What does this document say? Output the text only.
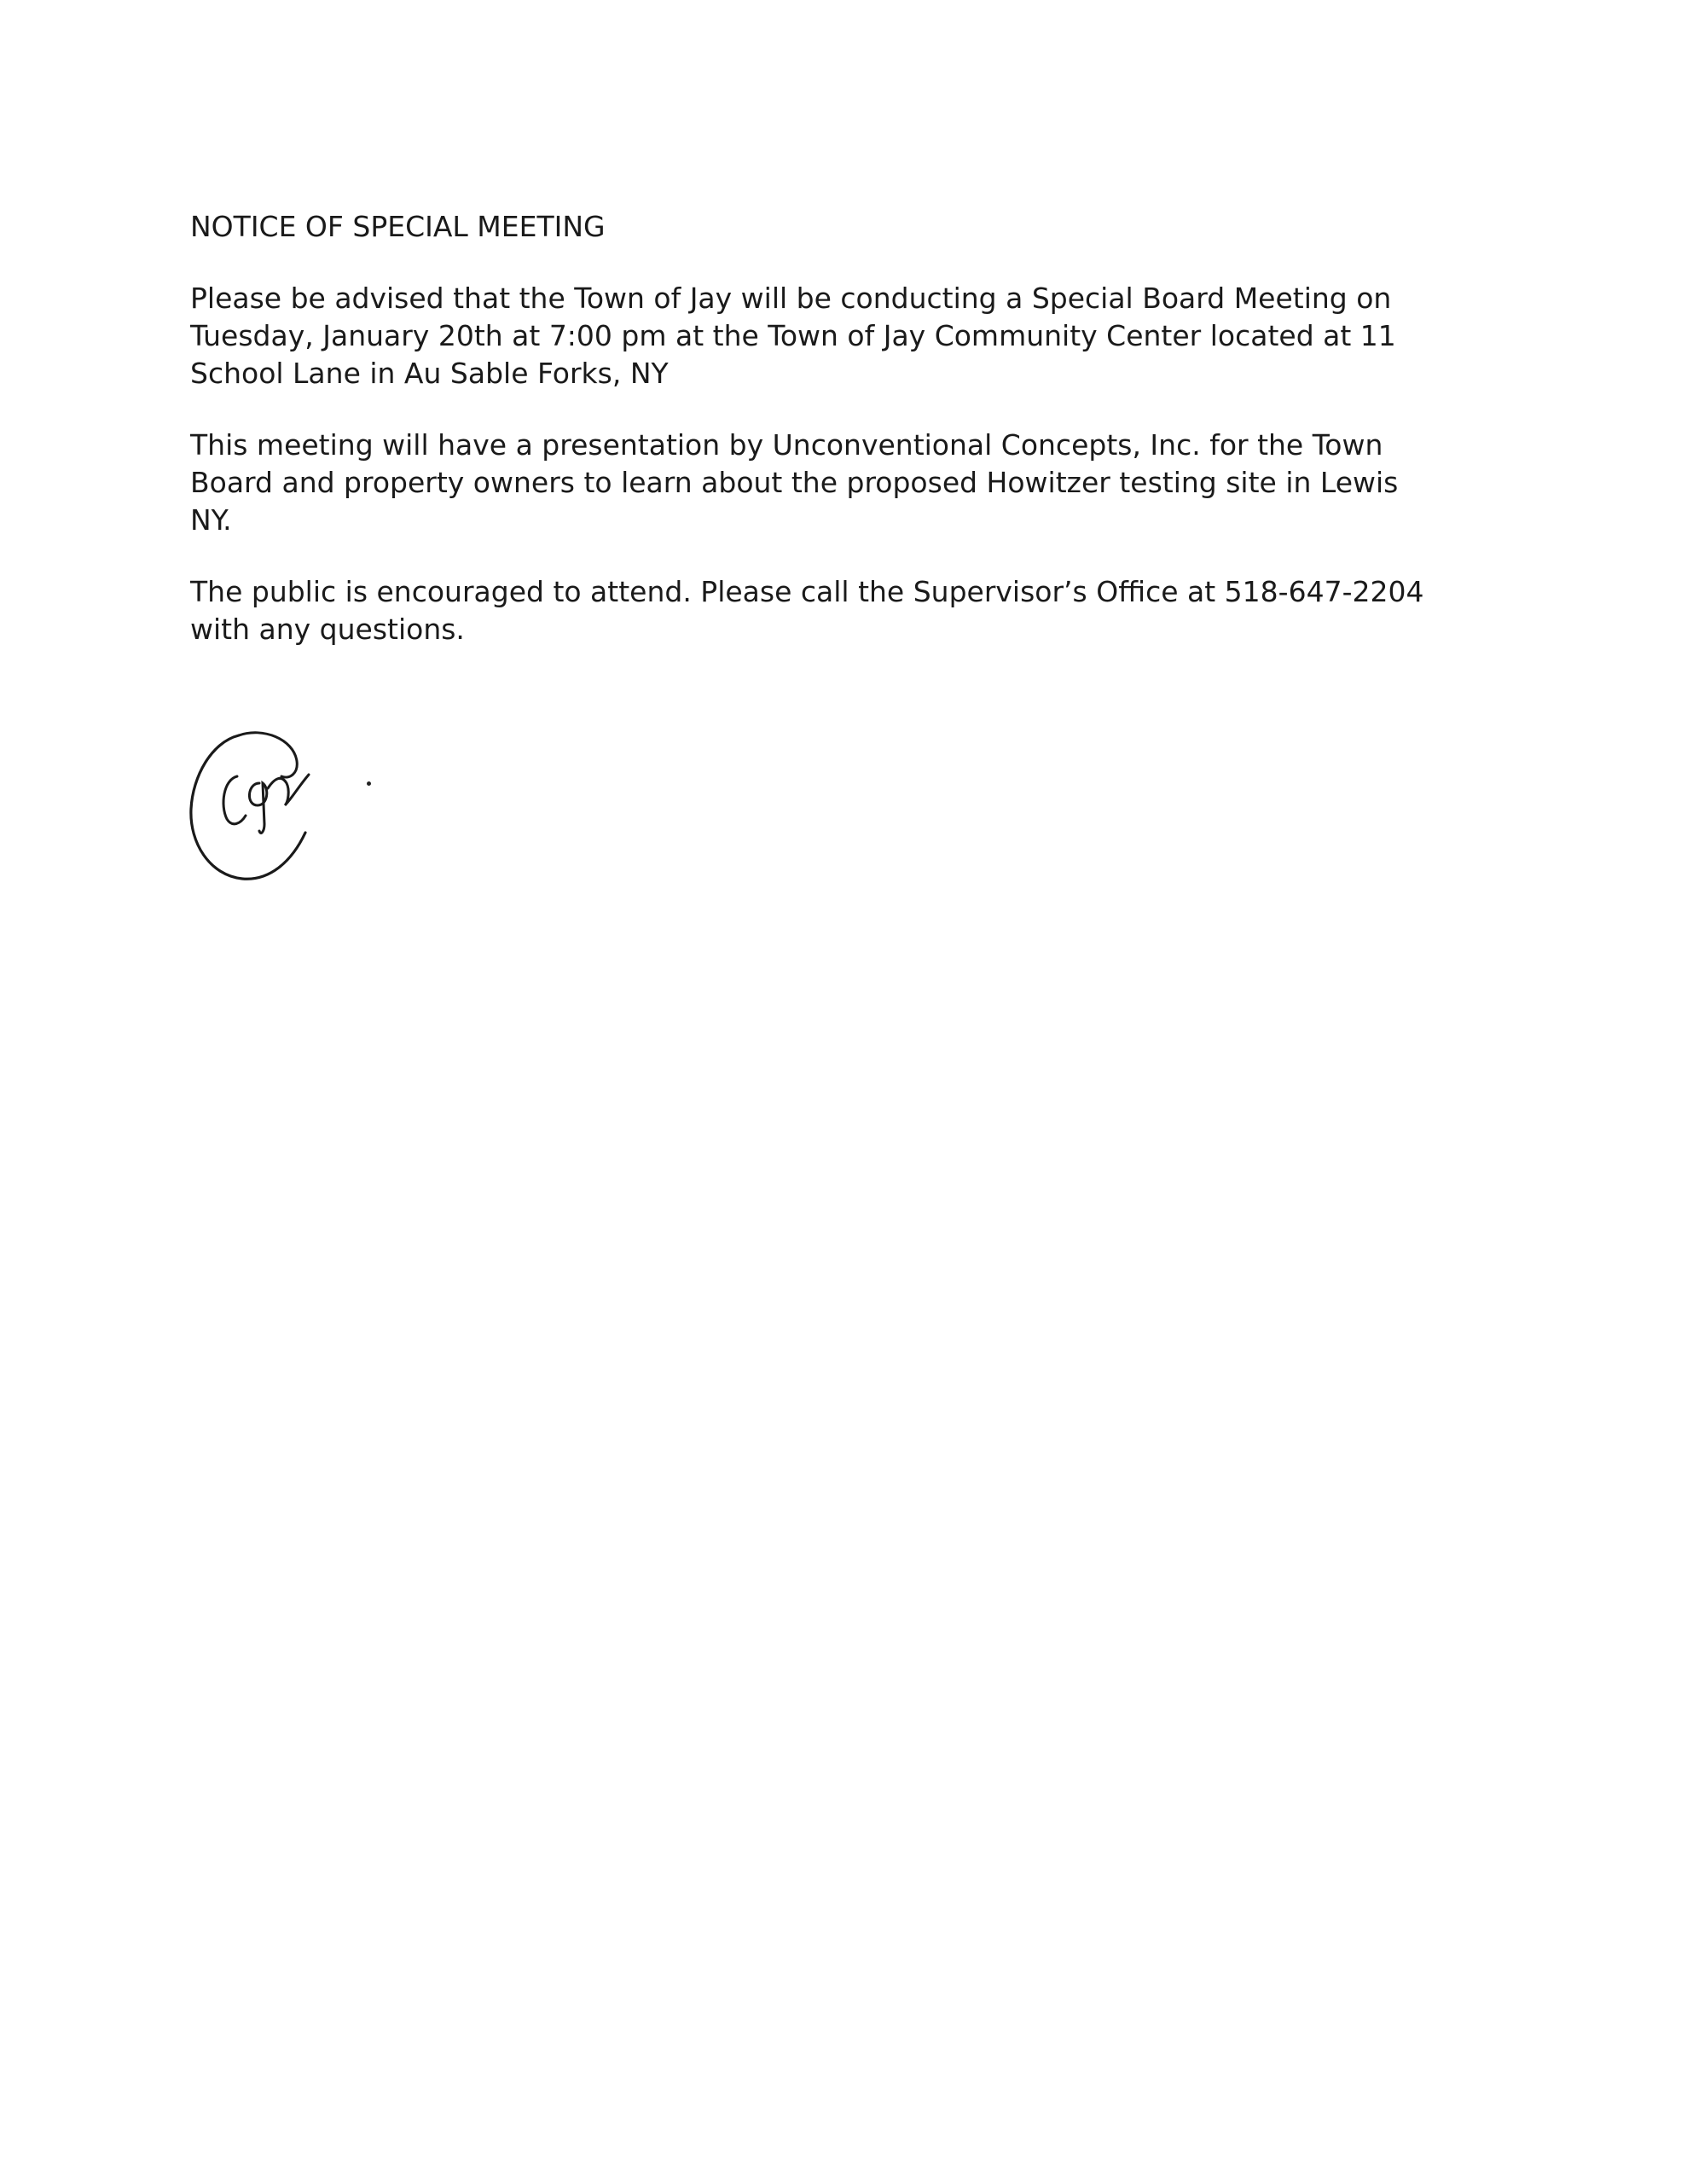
NOTICE OF SPECIAL MEETING

Please be advised that the Town of Jay will be conducting a Special Board Meeting on
Tuesday, January 20th at 7:00 pm at the Town of Jay Community Center located at 11
School Lane in Au Sable Forks, NY

This meeting will have a presentation by Unconventional Concepts, Inc. for the Town
Board and property owners to learn about the proposed Howitzer testing site in Lewis
NY.

The public is encouraged to attend. Please call the Supervisor’s Office at 518-647-2204
with any questions.
